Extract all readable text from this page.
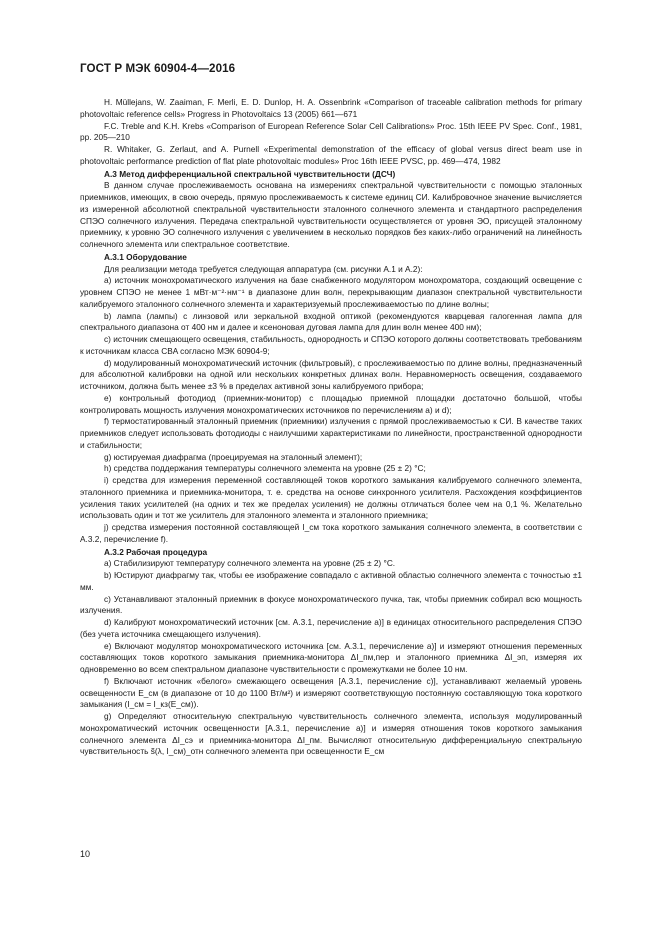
ГОСТ Р МЭК 60904-4—2016

H. Müllejans, W. Zaaiman, F. Merli, E. D. Dunlop, H. A. Ossenbrink «Comparison of traceable calibration methods for primary photovoltaic reference cells» Progress in Photovoltaics 13 (2005) 661—671

F.C. Treble and K.H. Krebs «Comparison of European Reference Solar Cell Calibrations» Proc. 15th IEEE PV Spec. Conf., 1981, pp. 205—210

R. Whitaker, G. Zerlaut, and A. Purnell «Experimental demonstration of the efficacy of global versus direct beam use in photovoltaic performance prediction of flat plate photovoltaic modules» Proc 16th IEEE PVSC, pp. 469—474, 1982

А.3 Метод дифференциальной спектральной чувствительности (ДСЧ)

В данном случае прослеживаемость основана на измерениях спектральной чувствительности с помощью эталонных приемников, имеющих, в свою очередь, прямую прослеживаемость к системе единиц СИ. Калибровочное значение вычисляется из измеренной абсолютной спектральной чувствительности эталонного солнечного элемента и стандартного распределения СПЭО солнечного излучения. Передача спектральной чувствительности осуществляется от уровня ЭО, присущей эталонному приемнику, к уровню ЭО солнечного излучения с увеличением в несколько порядков без каких-либо ограничений на линейность солнечного элемента или спектральное соответствие.

А.3.1 Оборудование

Для реализации метода требуется следующая аппаратура (см. рисунки А.1 и А.2):

a) источник монохроматического излучения на базе снабженного модулятором монохроматора, создающий освещение с уровнем СПЭО не менее 1 мВт·м⁻²·нм⁻¹ в диапазоне длин волн, перекрывающим диапазон спектральной чувствительности калибруемого эталонного солнечного элемента и характеризуемый прослеживаемостью по длине волны;

b) лампа (лампы) с линзовой или зеркальной входной оптикой (рекомендуются кварцевая галогенная лампа для спектрального диапазона от 400 нм и далее и ксеноновая дуговая лампа для длин волн менее 400 нм);

c) источник смещающего освещения, стабильность, однородность и СПЭО которого должны соответствовать требованиям к источникам класса CBA согласно МЭК 60904-9;

d) модулированный монохроматический источник (фильтровый), с прослеживаемостью по длине волны, предназначенный для абсолютной калибровки на одной или нескольких конкретных длинах волн. Неравномерность освещения, создаваемого источником, должна быть менее ±3 % в пределах активной зоны калибруемого прибора;

e) контрольный фотодиод (приемник-монитор) с площадью приемной площадки достаточно большой, чтобы контролировать мощность излучения монохроматических источников по перечислениям a) и d);

f) термостатированный эталонный приемник (приемники) излучения с прямой прослеживаемостью к СИ. В качестве таких приемников следует использовать фотодиоды с наилучшими характеристиками по линейности, пространственной однородности и стабильности;

g) юстируемая диафрагма (проецируемая на эталонный элемент);

h) средства поддержания температуры солнечного элемента на уровне (25 ± 2) °C;

i) средства для измерения переменной составляющей токов короткого замыкания калибруемого солнечного элемента, эталонного приемника и приемника-монитора, т. е. средства на основе синхронного усилителя. Расхождения коэффициентов усиления таких усилителей (на одних и тех же пределах усиления) не должны отличаться более чем на 0,1 %. Желательно использовать один и тот же усилитель для эталонного элемента и эталонного приемника;

j) средства измерения постоянной составляющей I_см тока короткого замыкания солнечного элемента, в соответствии с А.3.2, перечисление f).

А.3.2 Рабочая процедура

a) Стабилизируют температуру солнечного элемента на уровне (25 ± 2) °C.

b) Юстируют диафрагму так, чтобы ее изображение совпадало с активной областью солнечного элемента с точностью ±1 мм.

c) Устанавливают эталонный приемник в фокусе монохроматического пучка, так, чтобы приемник собирал всю мощность излучения.

d) Калибруют монохроматический источник [см. А.3.1, перечисление a)] в единицах относительного распределения СПЭО (без учета источника смещающего излучения).

e) Включают модулятор монохроматического источника [см. А.3.1, перечисление a)] и измеряют отношения переменных составляющих токов короткого замыкания приемника-монитора ΔI_пм,пер и эталонного приемника ΔI_эп, измеряя их одновременно во всем спектральном диапазоне чувствительности с промежутками не более 10 нм.

f) Включают источник «белого» смежающего освещения [А.3.1, перечисление c)], устанавливают желаемый уровень освещенности E_см (в диапазоне от 10 до 1100 Вт/м²) и измеряют соответствующую постоянную составляющую тока короткого замыкания (I_см = I_кз(E_см)).

g) Определяют относительную спектральную чувствительность солнечного элемента, используя модулированный монохроматический источник освещенности [А.3.1, перечисление a)] и измеряя отношения токов короткого замыкания солнечного элемента ΔI_сэ и приемника-монитора ΔI_пм. Вычисляют относительную дифференциальную спектральную чувствительность s̃(λ, I_см)_отн солнечного элемента при освещенности E_см

10
